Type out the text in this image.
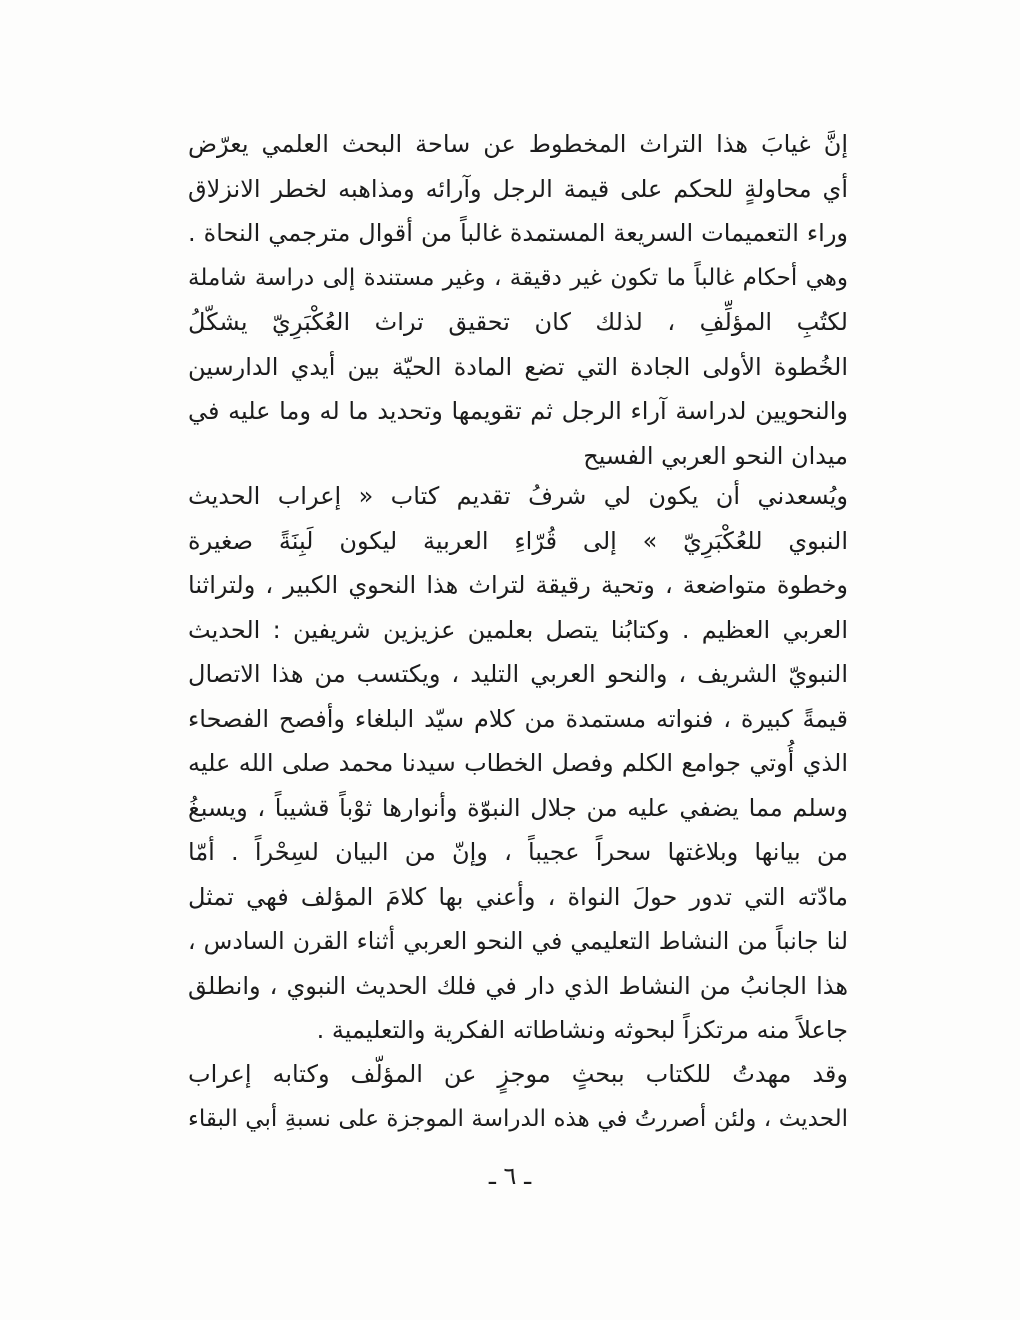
إنَّ غيابَ هذا التراث المخطوط عن ساحة البحث العلمي يعرّض
أي محاولةٍ للحكم على قيمة الرجل وآرائه ومذاهبه لخطر الانزلاق
وراء التعميمات السريعة المستمدة غالباً من أقوال مترجمي النحاة .
وهي أحكام غالباً ما تكون غير دقيقة ، وغير مستندة إلى دراسة شاملة
لكتُبِ المؤلِّفِ ، لذلك كان تحقيق تراث العُكْبَرِيّ يشكّلُ
الخُطوة الأولى الجادة التي تضع المادة الحيّة بين أيدي الدارسين
والنحويين لدراسة آراء الرجل ثم تقويمها وتحديد ما له وما عليه في
ميدان النحو العربي الفسيح
ويُسعدني أن يكون لي شرفُ تقديم كتاب « إعراب الحديث
النبوي للعُكْبَرِيّ » إلى قُرّاءِ العربية ليكون لَبِنَةً صغيرة
وخطوة متواضعة ، وتحية رقيقة لتراث هذا النحوي الكبير ، ولتراثنا
العربي العظيم . وكتابُنا يتصل بعلمين عزيزين شريفين : الحديث
النبويّ الشريف ، والنحو العربي التليد ، ويكتسب من هذا الاتصال
قيمةً كبيرة ، فنواته مستمدة من كلام سيّد البلغاء وأفصح الفصحاء
الذي أُوتي جوامع الكلم وفصل الخطاب سيدنا محمد صلى الله عليه
وسلم مما يضفي عليه من جلال النبوّة وأنوارها ثوْباً قشيباً ، ويسبغُ
من بيانها وبلاغتها سحراً عجيباً ، وإنّ من البيان لسِحْراً . أمّا
مادّته التي تدور حولَ النواة ، وأعني بها كلامَ المؤلف فهي تمثل
لنا جانباً من النشاط التعليمي في النحو العربي أثناء القرن السادس ،
هذا الجانبُ من النشاط الذي دار في فلك الحديث النبوي ، وانطلق
جاعلاً منه مرتكزاً لبحوثه ونشاطاته الفكرية والتعليمية .
وقد مهدتُ للكتاب ببحثٍ موجزٍ عن المؤلّف وكتابه إعراب
الحديث ، ولئن أصررتُ في هذه الدراسة الموجزة على نسبةِ أبي البقاء
ـ ٦ ـ
